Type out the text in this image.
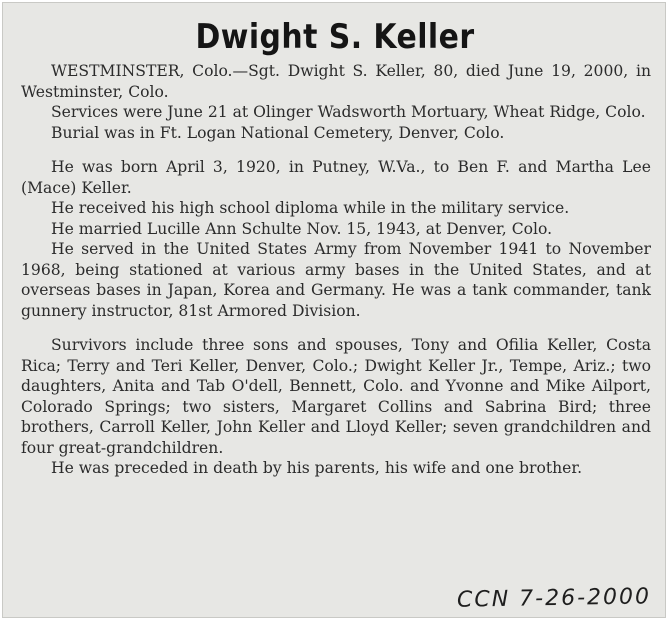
Dwight S. Keller

WESTMINSTER, Colo.—Sgt. Dwight S. Keller, 80, died June 19, 2000, in Westminster, Colo.

Services were June 21 at Olinger Wadsworth Mortuary, Wheat Ridge, Colo.

Burial was in Ft. Logan National Cemetery, Denver, Colo.

He was born April 3, 1920, in Putney, W.Va., to Ben F. and Martha Lee (Mace) Keller.

He received his high school diploma while in the military service.

He married Lucille Ann Schulte Nov. 15, 1943, at Denver, Colo.

He served in the United States Army from November 1941 to November 1968, being stationed at various army bases in the United States, and at overseas bases in Japan, Korea and Germany. He was a tank commander, tank gunnery instructor, 81st Armored Division.

Survivors include three sons and spouses, Tony and Ofilia Keller, Costa Rica; Terry and Teri Keller, Denver, Colo.; Dwight Keller Jr., Tempe, Ariz.; two daughters, Anita and Tab O'dell, Bennett, Colo. and Yvonne and Mike Ailport, Colorado Springs; two sisters, Margaret Collins and Sabrina Bird; three brothers, Carroll Keller, John Keller and Lloyd Keller; seven grandchildren and four great-grandchildren.

He was preceded in death by his parents, his wife and one brother.

CCN 7-26-2000
